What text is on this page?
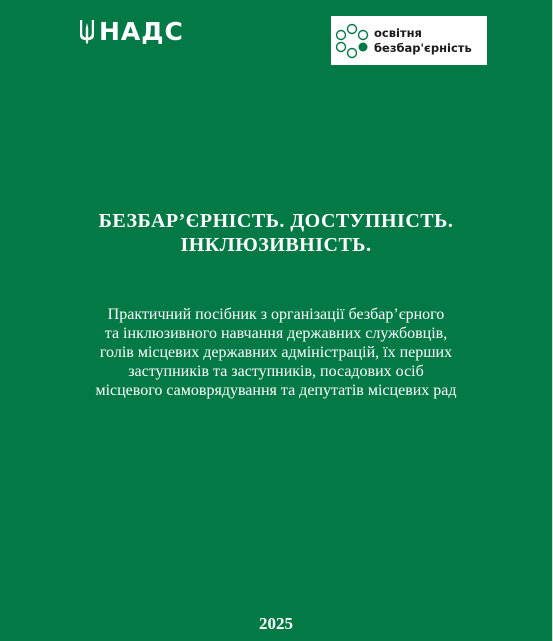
НАДС	освітня
безбар'єрність
БЕЗБАР’ЄРНІСТЬ. ДОСТУПНІСТЬ.
ІНКЛЮЗИВНІСТЬ.
Практичний посібник з організації безбар’єрного
та інклюзивного навчання державних службовців,
голів місцевих державних адміністрацій, їх перших
заступників та заступників, посадових осіб
місцевого самоврядування та депутатів місцевих рад
2025
